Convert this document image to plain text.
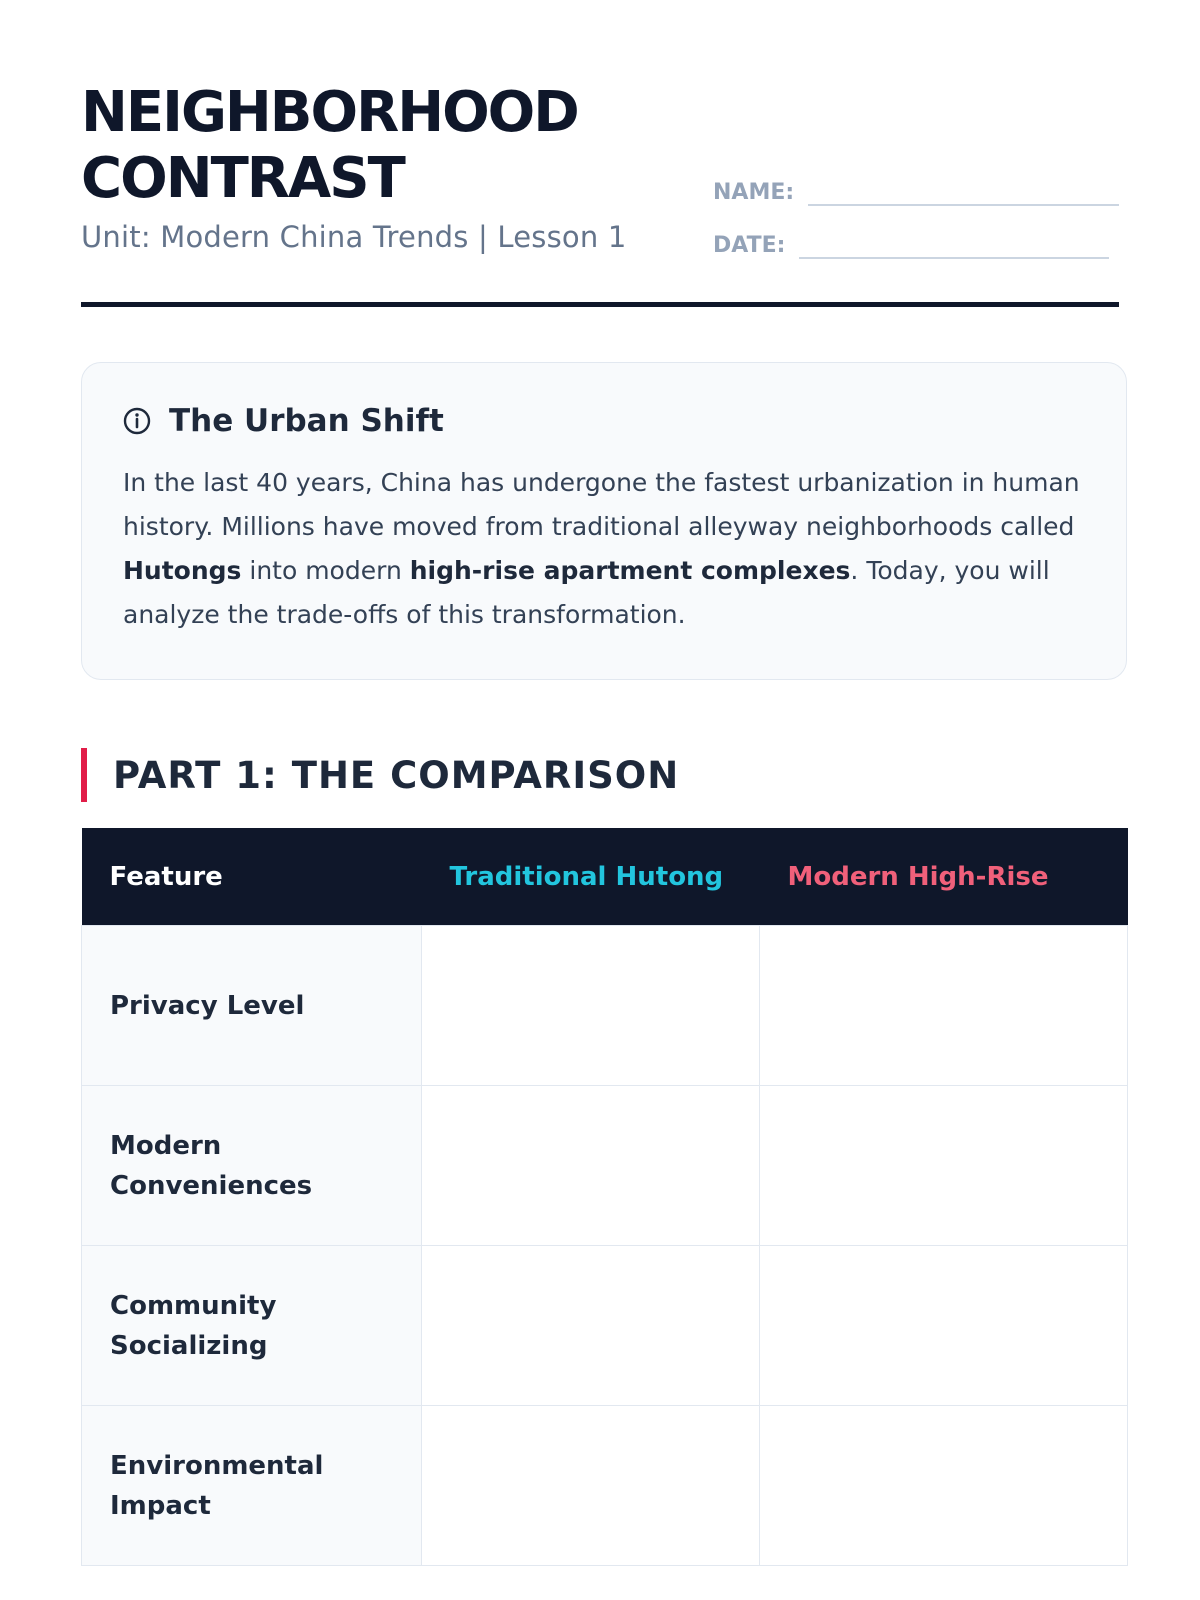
NEIGHBORHOOD CONTRAST

Unit: Modern China Trends | Lesson 1

NAME:
DATE:
The Urban Shift

In the last 40 years, China has undergone the fastest urbanization in human history. Millions have moved from traditional alleyway neighborhoods called Hutongs into modern high-rise apartment complexes. Today, you will analyze the trade-offs of this transformation.

PART 1: THE COMPARISON
Feature	Traditional Hutong	Modern High-Rise

Privacy Level		

Modern Conveniences		

Community Socializing		

Environmental Impact		
